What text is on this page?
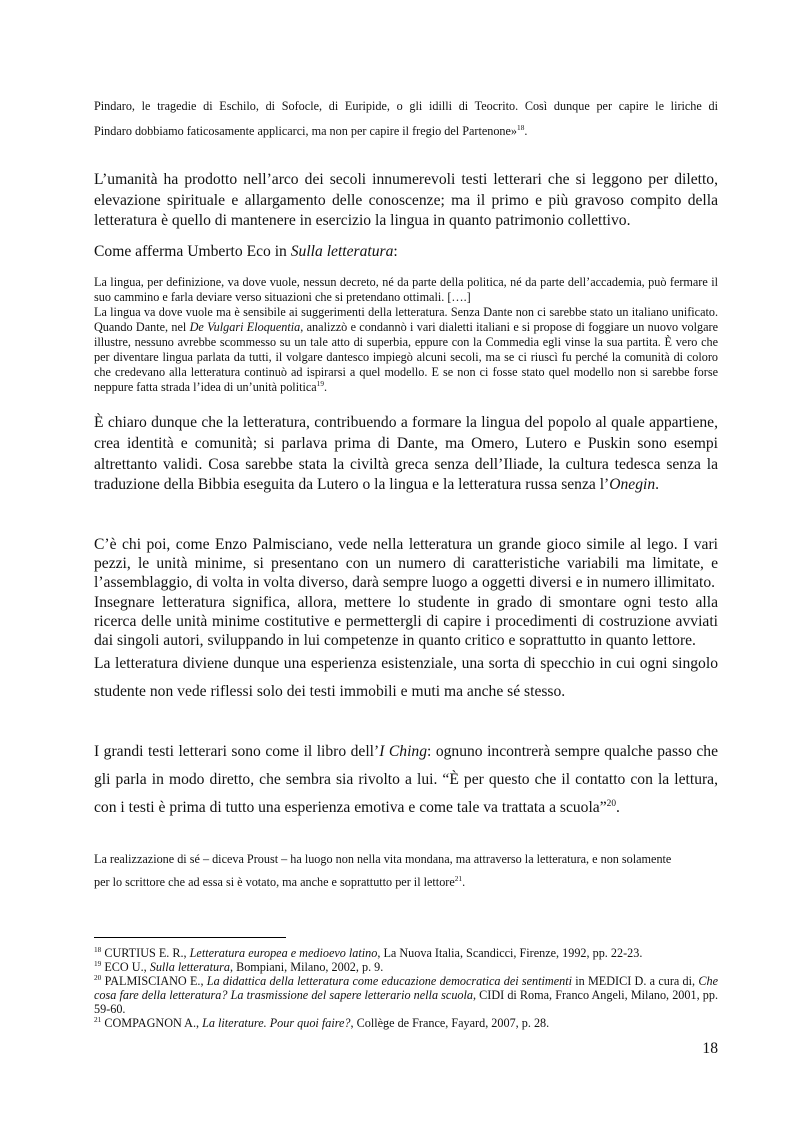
Pindaro, le tragedie di Eschilo, di Sofocle, di Euripide, o gli idilli di Teocrito. Così dunque per capire le liriche di

Pindaro dobbiamo faticosamente applicarci, ma non per capire il fregio del Partenone»$^{18}$.

L’umanità ha prodotto nell’arco dei secoli innumerevoli testi letterari che si leggono per diletto, elevazione spirituale e allargamento delle conoscenze; ma il primo e più gravoso compito della letteratura è quello di mantenere in esercizio la lingua in quanto patrimonio collettivo.

Come afferma Umberto Eco in Sulla letteratura:

La lingua, per definizione, va dove vuole, nessun decreto, né da parte della politica, né da parte dell’accademia, può fermare il suo cammino e farla deviare verso situazioni che si pretendano ottimali. [….]

La lingua va dove vuole ma è sensibile ai suggerimenti della letteratura. Senza Dante non ci sarebbe stato un italiano unificato. Quando Dante, nel De Vulgari Eloquentia, analizzò e condannò i vari dialetti italiani e si propose di foggiare un nuovo volgare illustre, nessuno avrebbe scommesso su un tale atto di superbia, eppure con la Commedia egli vinse la sua partita. È vero che per diventare lingua parlata da tutti, il volgare dantesco impiegò alcuni secoli, ma se ci riuscì fu perché la comunità di coloro che credevano alla letteratura continuò ad ispirarsi a quel modello. E se non ci fosse stato quel modello non si sarebbe forse neppure fatta strada l’idea di un’unità politica$^{19}$.

È chiaro dunque che la letteratura, contribuendo a formare la lingua del popolo al quale appartiene, crea identità e comunità; si parlava prima di Dante, ma Omero, Lutero e Puskin sono esempi altrettanto validi. Cosa sarebbe stata la civiltà greca senza dell’Iliade, la cultura tedesca senza la traduzione della Bibbia eseguita da Lutero o la lingua e la letteratura russa senza l’Onegin.

C’è chi poi, come Enzo Palmisciano, vede nella letteratura un grande gioco simile al lego. I vari pezzi, le unità minime, si presentano con un numero di caratteristiche variabili ma limitate, e l’assemblaggio, di volta in volta diverso, darà sempre luogo a oggetti diversi e in numero illimitato.

Insegnare letteratura significa, allora, mettere lo studente in grado di smontare ogni testo alla ricerca delle unità minime costitutive e permettergli di capire i procedimenti di costruzione avviati dai singoli autori, sviluppando in lui competenze in quanto critico e soprattutto in quanto lettore.

La letteratura diviene dunque una esperienza esistenziale, una sorta di specchio in cui ogni singolo studente non vede riflessi solo dei testi immobili e muti ma anche sé stesso.

I grandi testi letterari sono come il libro dell’I Ching: ognuno incontrerà sempre qualche passo che gli parla in modo diretto, che sembra sia rivolto a lui. “È per questo che il contatto con la lettura, con i testi è prima di tutto una esperienza emotiva e come tale va trattata a scuola”$^{20}$.

La realizzazione di sé – diceva Proust – ha luogo non nella vita mondana, ma attraverso la letteratura, e non solamente per lo scrittore che ad essa si è votato, ma anche e soprattutto per il lettore$^{21}$.

$^{18}$ CURTIUS E. R., Letteratura europea e medioevo latino, La Nuova Italia, Scandicci, Firenze, 1992, pp. 22-23.

$^{19}$ ECO U., Sulla letteratura, Bompiani, Milano, 2002, p. 9.

$^{20}$ PALMISCIANO E., La didattica della letteratura come educazione democratica dei sentimenti in MEDICI D. a cura di, Che cosa fare della letteratura? La trasmissione del sapere letterario nella scuola, CIDI di Roma, Franco Angeli, Milano, 2001, pp. 59-60.

$^{21}$ COMPAGNON A., La literature. Pour quoi faire?, Collège de France, Fayard, 2007, p. 28.

18
